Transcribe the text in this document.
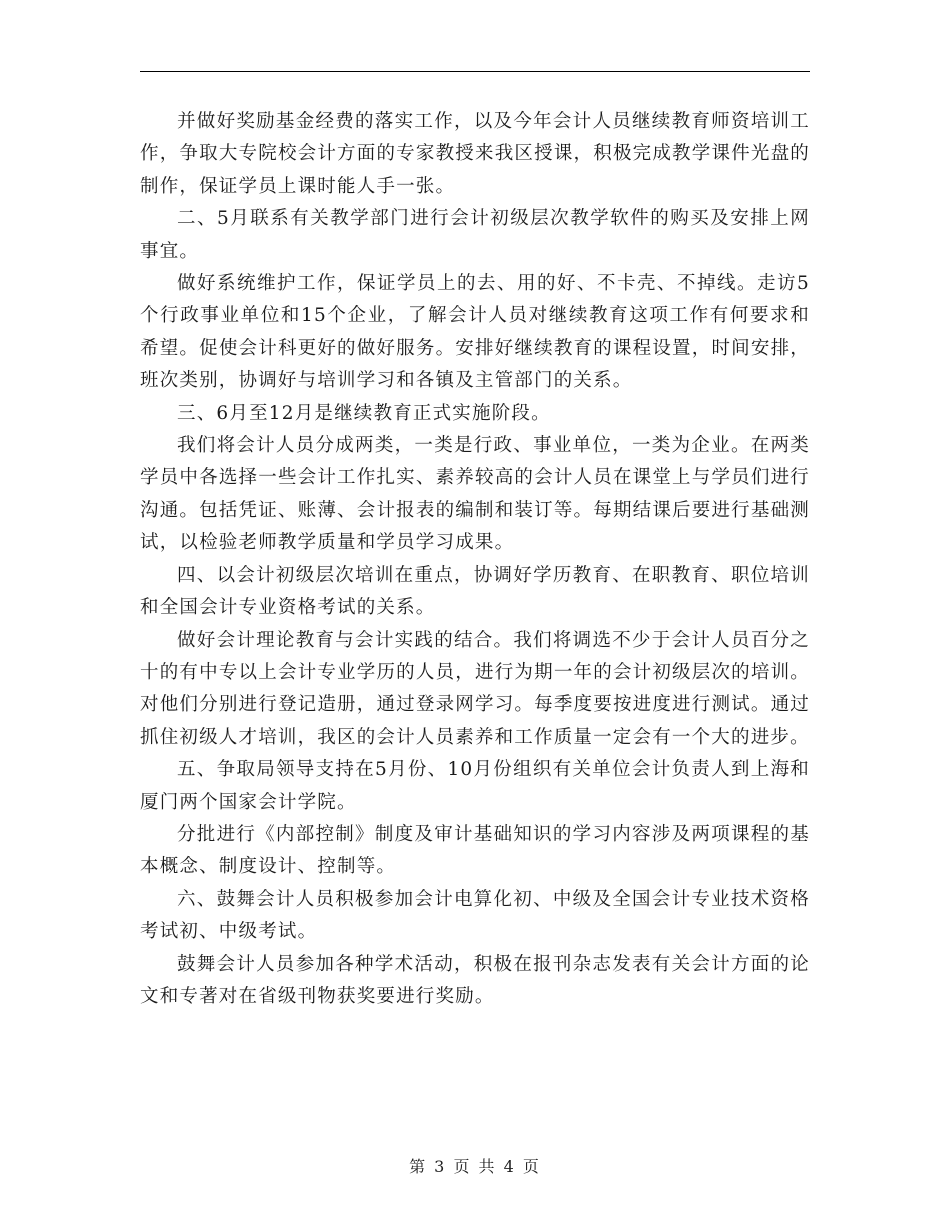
并做好奖励基金经费的落实工作，以及今年会计人员继续教育师资培训工作，争取大专院校会计方面的专家教授来我区授课，积极完成教学课件光盘的制作，保证学员上课时能人手一张。

二、5月联系有关教学部门进行会计初级层次教学软件的购买及安排上网事宜。

做好系统维护工作，保证学员上的去、用的好、不卡壳、不掉线。走访5个行政事业单位和15个企业，了解会计人员对继续教育这项工作有何要求和希望。促使会计科更好的做好服务。安排好继续教育的课程设置，时间安排，班次类别，协调好与培训学习和各镇及主管部门的关系。

三、6月至12月是继续教育正式实施阶段。

我们将会计人员分成两类，一类是行政、事业单位，一类为企业。在两类学员中各选择一些会计工作扎实、素养较高的会计人员在课堂上与学员们进行沟通。包括凭证、账薄、会计报表的编制和装订等。每期结课后要进行基础测试，以检验老师教学质量和学员学习成果。

四、以会计初级层次培训在重点，协调好学历教育、在职教育、职位培训和全国会计专业资格考试的关系。

做好会计理论教育与会计实践的结合。我们将调选不少于会计人员百分之十的有中专以上会计专业学历的人员，进行为期一年的会计初级层次的培训。对他们分别进行登记造册，通过登录网学习。每季度要按进度进行测试。通过抓住初级人才培训，我区的会计人员素养和工作质量一定会有一个大的进步。

五、争取局领导支持在5月份、10月份组织有关单位会计负责人到上海和厦门两个国家会计学院。

分批进行《内部控制》制度及审计基础知识的学习内容涉及两项课程的基本概念、制度设计、控制等。

六、鼓舞会计人员积极参加会计电算化初、中级及全国会计专业技术资格考试初、中级考试。

鼓舞会计人员参加各种学术活动，积极在报刊杂志发表有关会计方面的论文和专著对在省级刊物获奖要进行奖励。

第 3 页 共 4 页
